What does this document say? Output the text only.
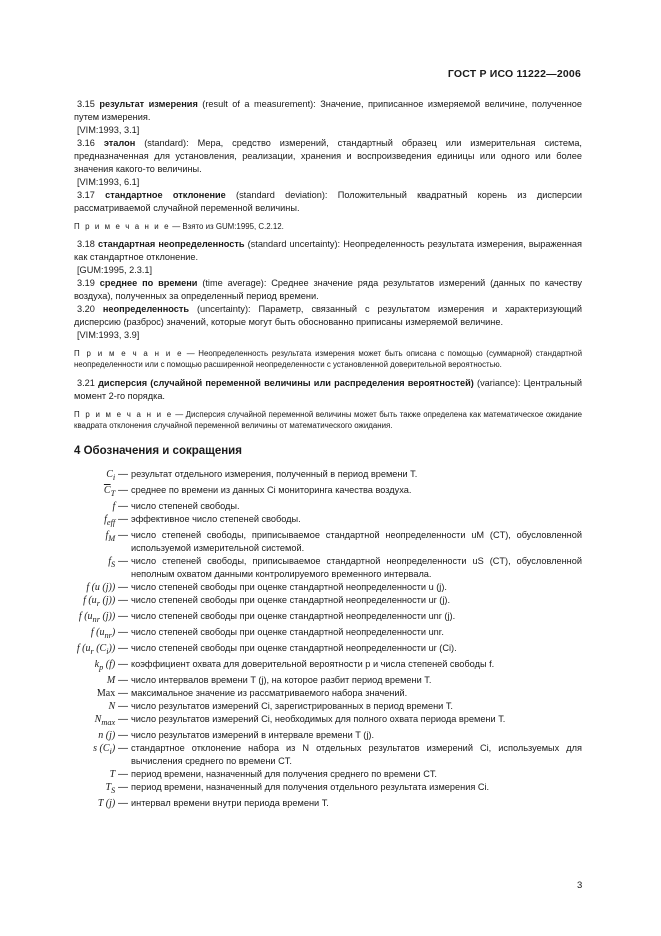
ГОСТ Р ИСО 11222—2006

3.15 результат измерения (result of a measurement): Значение, приписанное измеряемой величине, полученное путем измерения.

[VIM:1993, 3.1]

3.16 эталон (standard): Мера, средство измерений, стандартный образец или измерительная система, предназначенная для установления, реализации, хранения и воспроизведения единицы или одного или более значения какого-то величины.

[VIM:1993, 6.1]

3.17 стандартное отклонение (standard deviation): Положительный квадратный корень из дисперсии рассматриваемой случайной переменной величины.

П р и м е ч а н и е — Взято из GUM:1995, С.2.12.

3.18 стандартная неопределенность (standard uncertainty): Неопределенность результата измерения, выраженная как стандартное отклонение.

[GUM:1995, 2.3.1]

3.19 среднее по времени (time average): Среднее значение ряда результатов измерений (данных по качеству воздуха), полученных за определенный период времени.

3.20 неопределенность (uncertainty): Параметр, связанный с результатом измерения и характеризующий дисперсию (разброс) значений, которые могут быть обоснованно приписаны измеряемой величине.

[VIM:1993, 3.9]

П р и м е ч а н и е — Неопределенность результата измерения может быть описана с помощью (суммарной) стандартной неопределенности или с помощью расширенной неопределенности с установленной доверительной вероятностью.

3.21 дисперсия (случайной переменной величины или распределения вероятностей) (variance): Центральный момент 2-го порядка.

П р и м е ч а н и е — Дисперсия случайной переменной величины может быть также определена как математическое ожидание квадрата отклонения случайной переменной величины от математического ожидания.

4 Обозначения и сокращения
$C_i$ — результат отдельного измерения, полученный в период времени T.
$\overline{C}_T$ — среднее по времени из данных Ci мониторинга качества воздуха.
f — число степеней свободы.
$f_{eff}$ — эффективное число степеней свободы.
$f_M$ — число степеней свободы, приписываемое стандартной неопределенности uM (CT), обусловленной используемой измерительной системой.
$f_S$ — число степеней свободы, приписываемое стандартной неопределенности uS (CT), обусловленной неполным охватом данными контролируемого временного интервала.
f (u (j)) — число степеней свободы при оценке стандартной неопределенности u (j).
f ($u_r$ (j)) — число степеней свободы при оценке стандартной неопределенности ur (j).
f ($u_{nr}$ (j)) — число степеней свободы при оценке стандартной неопределенности unr (j).
f $(u_{nr})$ — число степеней свободы при оценке стандартной неопределенности unr.
f ($u_r$ $(C_i)$) — число степеней свободы при оценке стандартной неопределенности ur (Ci).
$k_p$ (f) — коэффициент охвата для доверительной вероятности p и числа степеней свободы f.
M — число интервалов времени T (j), на которое разбит период времени T.
Max — максимальное значение из рассматриваемого набора значений.
N — число результатов измерений Ci, зарегистрированных в период времени T.
$N_{max}$ — число результатов измерений Ci, необходимых для полного охвата периода времени T.
n (j) — число результатов измерений в интервале времени T (j).
s $(C_i)$ — стандартное отклонение набора из N отдельных результатов измерений Ci, используемых для вычисления среднего по времени CT.
T — период времени, назначенный для получения среднего по времени CT.
$T_S$ — период времени, назначенный для получения отдельного результата измерения Ci.
T (j) — интервал времени внутри периода времени T.
3
